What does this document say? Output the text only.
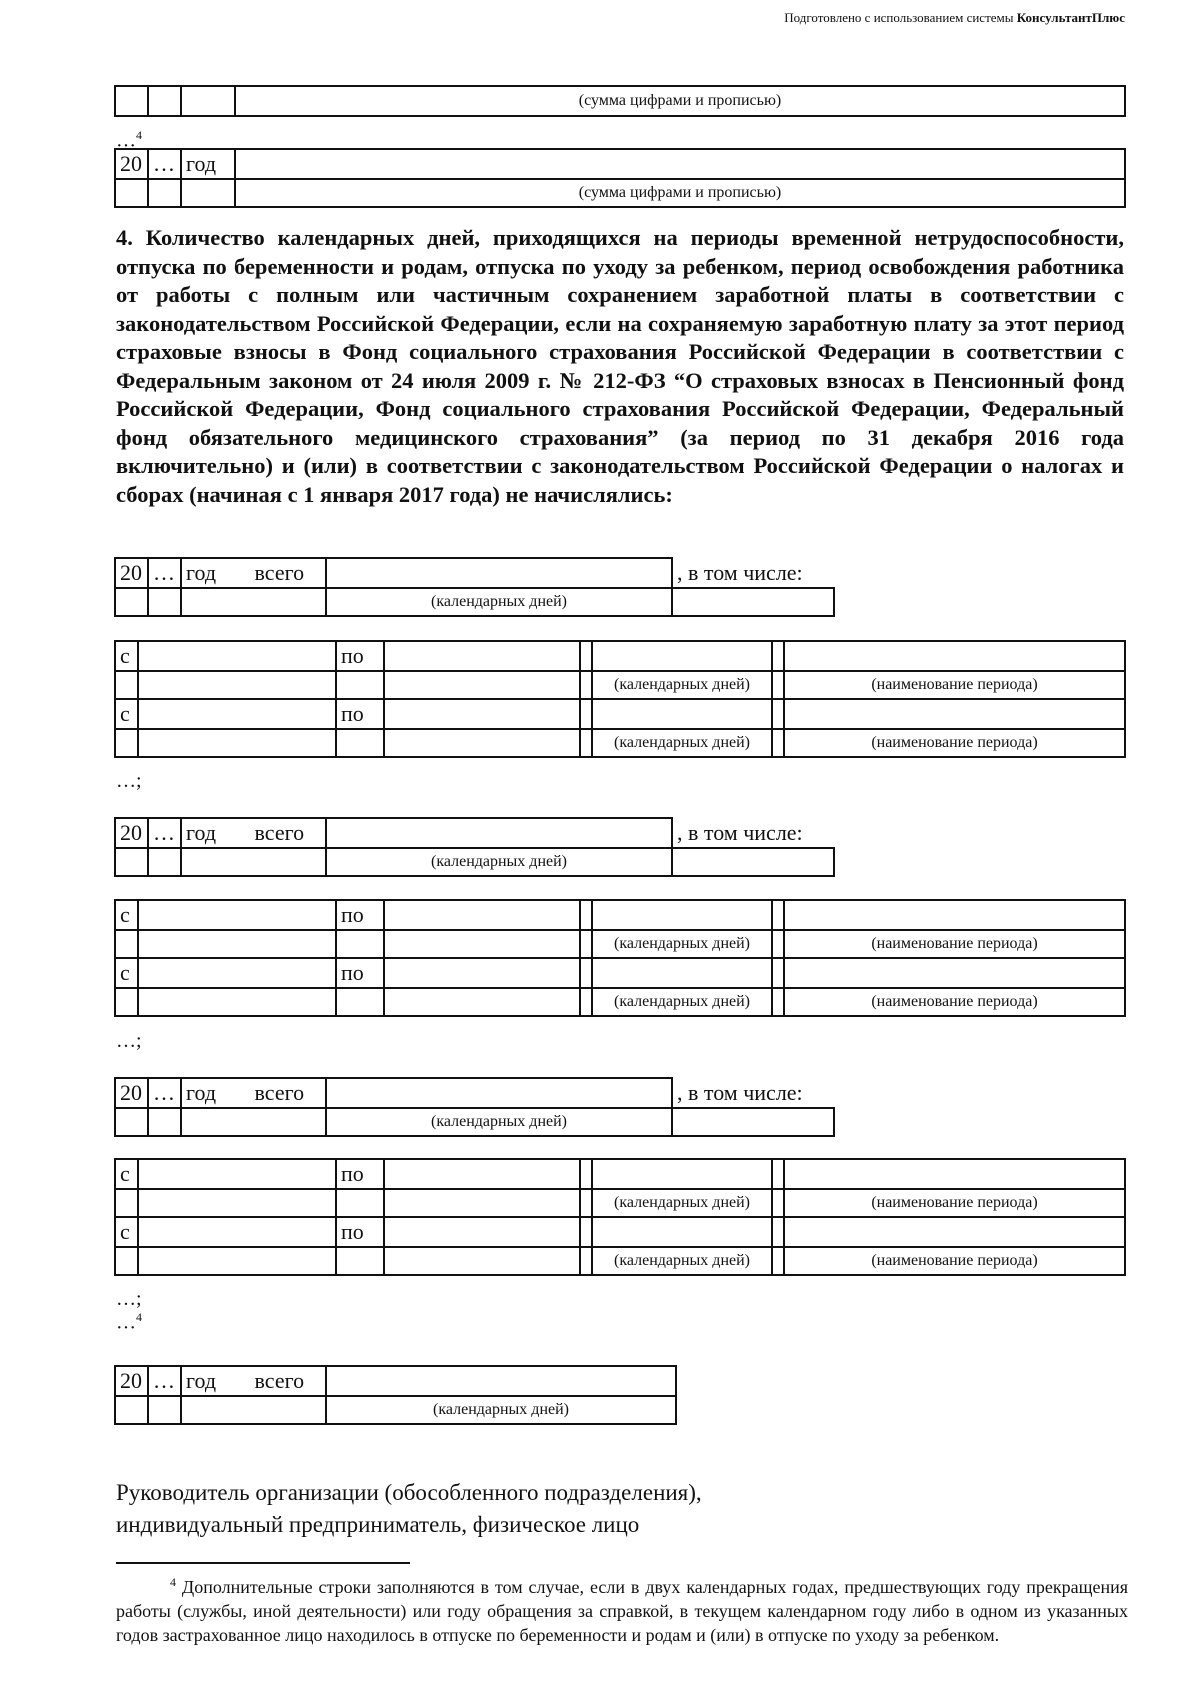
Подготовлено с использованием системы КонсультантПлюс
			(сумма цифрами и прописью)
…$^4$
20	…	год	
			(сумма цифрами и прописью)
4. Количество календарных дней, приходящихся на периоды временной нетрудоспособности, отпуска по беременности и родам, отпуска по уходу за ребенком, период освобождения работника от работы с полным или частичным сохранением заработной платы в соответствии с законодательством Российской Федерации, если на сохраняемую заработную плату за этот период страховые взносы в Фонд социального страхования Российской Федерации в соответствии с Федеральным законом от 24 июля 2009 г. № 212-ФЗ “О страховых взносах в Пенсионный фонд Российской Федерации, Фонд социального страхования Российской Федерации, Федеральный фонд обязательного медицинского страхования” (за период по 31 декабря 2016 года включительно) и (или) в соответствии с законодательством Российской Федерации о налогах и сборах (начиная с 1 января 2017 года) не начислялись:
20	…	год всего		, в том числе:
			(календарных дней)	
с		по					
					(календарных дней)		(наименование периода)
с		по					
					(календарных дней)		(наименование периода)
…;
20	…	год всего		, в том числе:
			(календарных дней)	
с		по					
					(календарных дней)		(наименование периода)
с		по					
					(календарных дней)		(наименование периода)
…;
20	…	год всего		, в том числе:
			(календарных дней)	
с		по					
					(календарных дней)		(наименование периода)
с		по					
					(календарных дней)		(наименование периода)
…;
…$^4$
20	…	год всего	
			(календарных дней)
Руководитель организации (обособленного подразделения),
индивидуальный предприниматель, физическое лицо
$^4$ Дополнительные строки заполняются в том случае, если в двух календарных годах, предшествующих году прекращения работы (службы, иной деятельности) или году обращения за справкой, в текущем календарном году либо в одном из указанных годов застрахованное лицо находилось в отпуске по беременности и родам и (или) в отпуске по уходу за ребенком.
